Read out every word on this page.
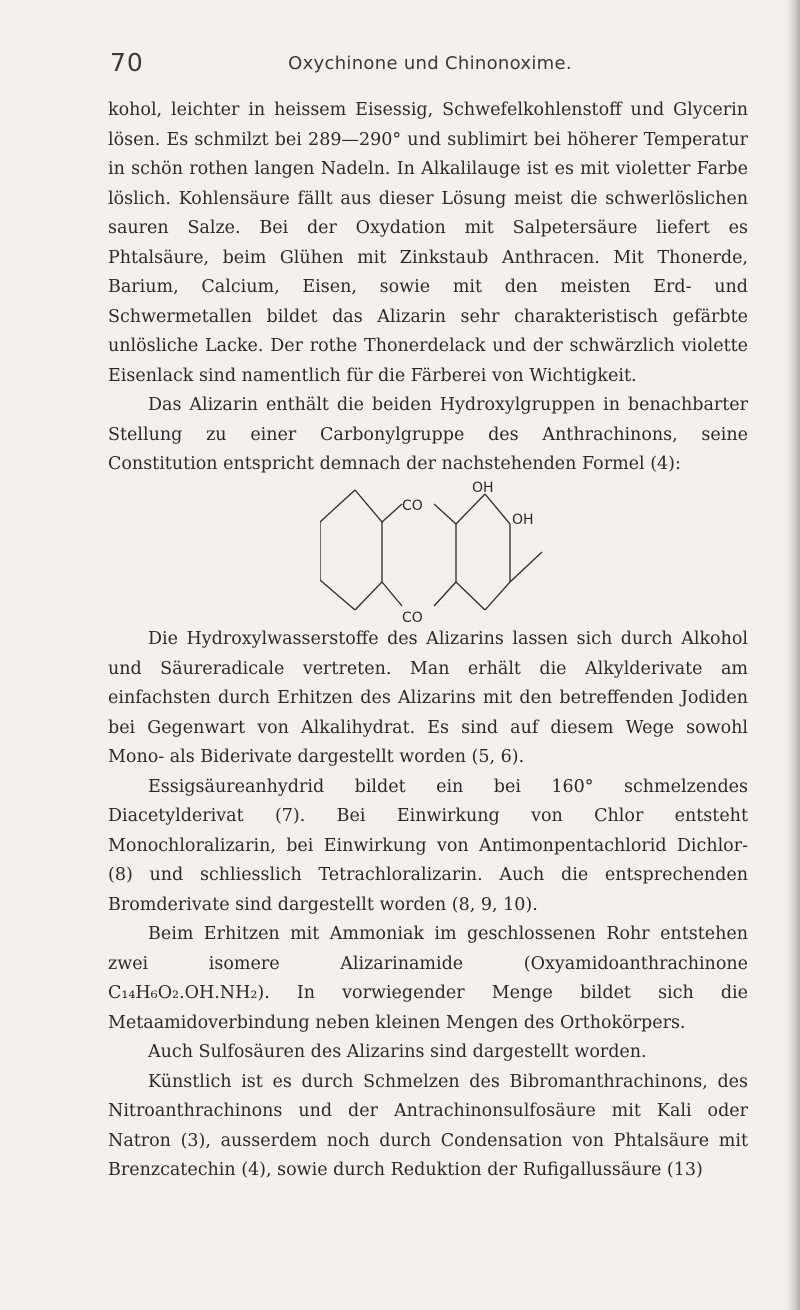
70	Oxychinone und Chinonoxime.

kohol, leichter in heissem Eisessig, Schwefelkohlenstoff und Glycerin lösen. Es schmilzt bei 289—290° und sublimirt bei höherer Temperatur in schön rothen langen Nadeln. In Alkalilauge ist es mit violetter Farbe löslich. Kohlensäure fällt aus dieser Lösung meist die schwerlöslichen sauren Salze. Bei der Oxydation mit Salpetersäure liefert es Phtalsäure, beim Glühen mit Zinkstaub Anthracen. Mit Thonerde, Barium, Calcium, Eisen, sowie mit den meisten Erd- und Schwermetallen bildet das Alizarin sehr charakteristisch gefärbte unlösliche Lacke. Der rothe Thonerdelack und der schwärzlich violette Eisenlack sind namentlich für die Färberei von Wichtigkeit.

Das Alizarin enthält die beiden Hydroxylgruppen in benachbarter Stellung zu einer Carbonylgruppe des Anthrachinons, seine Constitution entspricht demnach der nachstehenden Formel (4):

CO
CO
OH
OH

Die Hydroxylwasserstoffe des Alizarins lassen sich durch Alkohol und Säureradicale vertreten. Man erhält die Alkylderivate am einfachsten durch Erhitzen des Alizarins mit den betreffenden Jodiden bei Gegenwart von Alkalihydrat. Es sind auf diesem Wege sowohl Mono- als Biderivate dargestellt worden (5, 6).

Essigsäureanhydrid bildet ein bei 160° schmelzendes Diacetylderivat (7). Bei Einwirkung von Chlor entsteht Monochloralizarin, bei Einwirkung von Antimonpentachlorid Dichlor- (8) und schliesslich Tetrachloralizarin. Auch die entsprechenden Bromderivate sind dargestellt worden (8, 9, 10).

Beim Erhitzen mit Ammoniak im geschlossenen Rohr entstehen zwei isomere Alizarinamide (Oxyamidoanthrachinone C₁₄H₆O₂.OH.NH₂). In vorwiegender Menge bildet sich die Metaamidoverbindung neben kleinen Mengen des Orthokörpers.

Auch Sulfosäuren des Alizarins sind dargestellt worden.

Künstlich ist es durch Schmelzen des Bibromanthrachinons, des Nitroanthrachinons und der Antrachinonsulfosäure mit Kali oder Natron (3), ausserdem noch durch Condensation von Phtalsäure mit Brenzcatechin (4), sowie durch Reduktion der Rufigallussäure (13)
